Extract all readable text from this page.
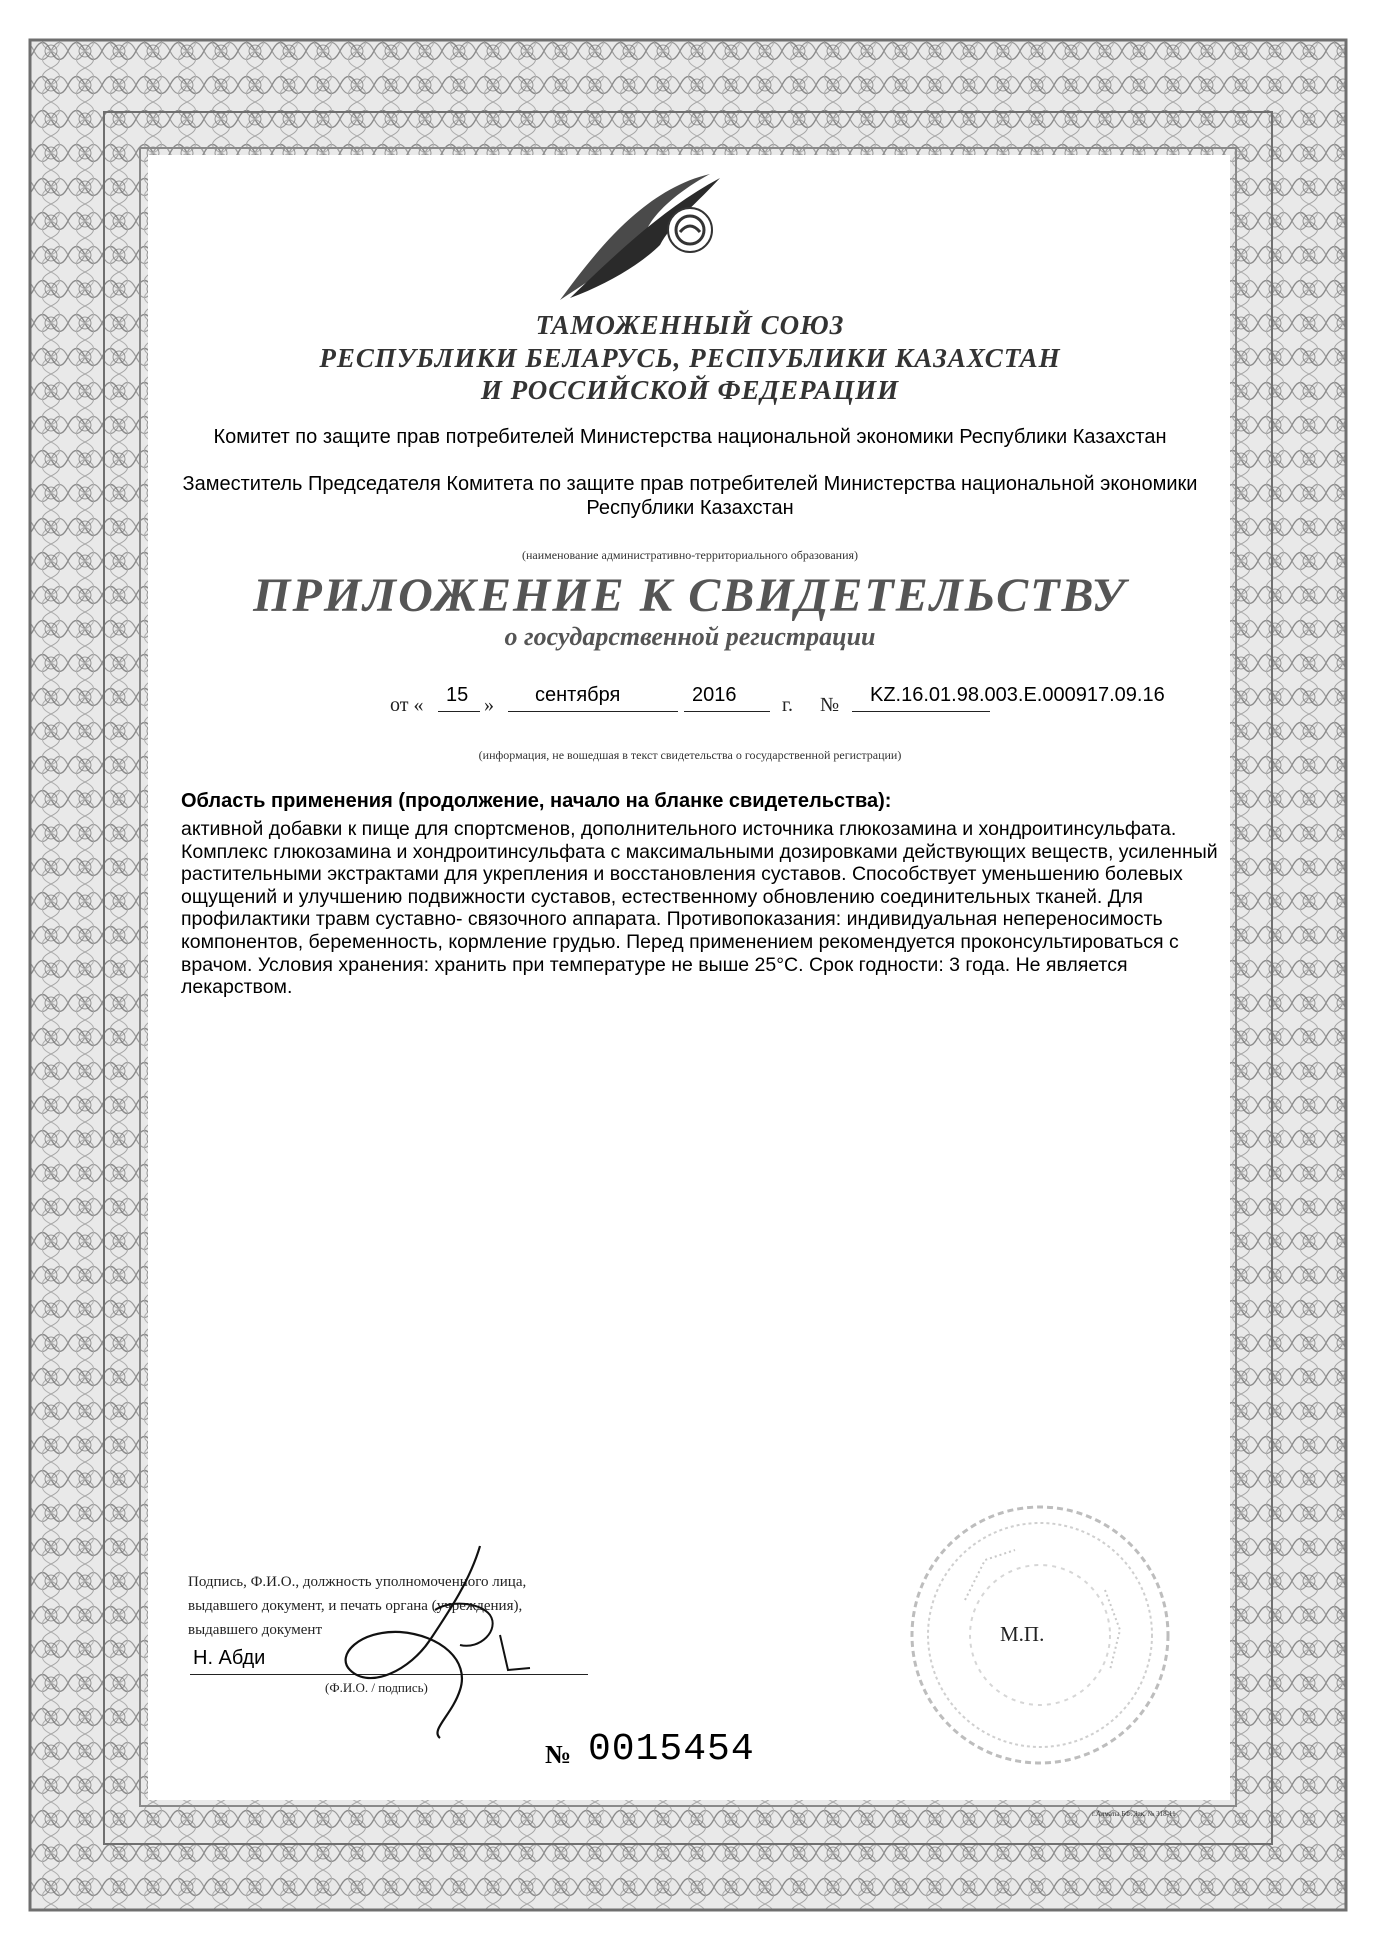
ТАМОЖЕННЫЙ СОЮЗ
РЕСПУБЛИКИ БЕЛАРУСЬ, РЕСПУБЛИКИ КАЗАХСТАН
И РОССИЙСКОЙ ФЕДЕРАЦИИ
Комитет по защите прав потребителей Министерства национальной экономики Республики Казахстан
Заместитель Председателя Комитета по защите прав потребителей Министерства национальной экономики Республики Казахстан
(наименование административно-территориального образования)
ПРИЛОЖЕНИЕ К СВИДЕТЕЛЬСТВУ
о государственной регистрации
от « 15 » сентября	2016 г. № KZ.16.01.98.003.E.000917.09.16
(информация, не вошедшая в текст свидетельства о государственной регистрации)
Область применения (продолжение, начало на бланке свидетельства):
активной добавки к пище для спортсменов, дополнительного источника глюкозамина и хондроитинсульфата. Комплекс глюкозамина и хондроитинсульфата с максимальными дозировками действующих веществ, усиленный растительными экстрактами для укрепления и восстановления суставов. Способствует уменьшению болевых ощущений и улучшению подвижности суставов, естественному обновлению соединительных тканей. Для профилактики травм суставно- связочного аппарата. Противопоказания: индивидуальная непереносимость компонентов, беременность, кормление грудью. Перед применением рекомендуется проконсультироваться с врачом. Условия хранения: хранить при температуре не выше 25°С. Срок годности: 3 года. Не является лекарством.
Подпись, Ф.И.О., должность уполномоченного лица,
выдавшего документ, и печать органа (учреждения),
выдавшего документ
Н. Абди
(Ф.И.О. / подпись)
М.П.
№ 0015454
г.Алматы БФ. Зак. № 318-11
